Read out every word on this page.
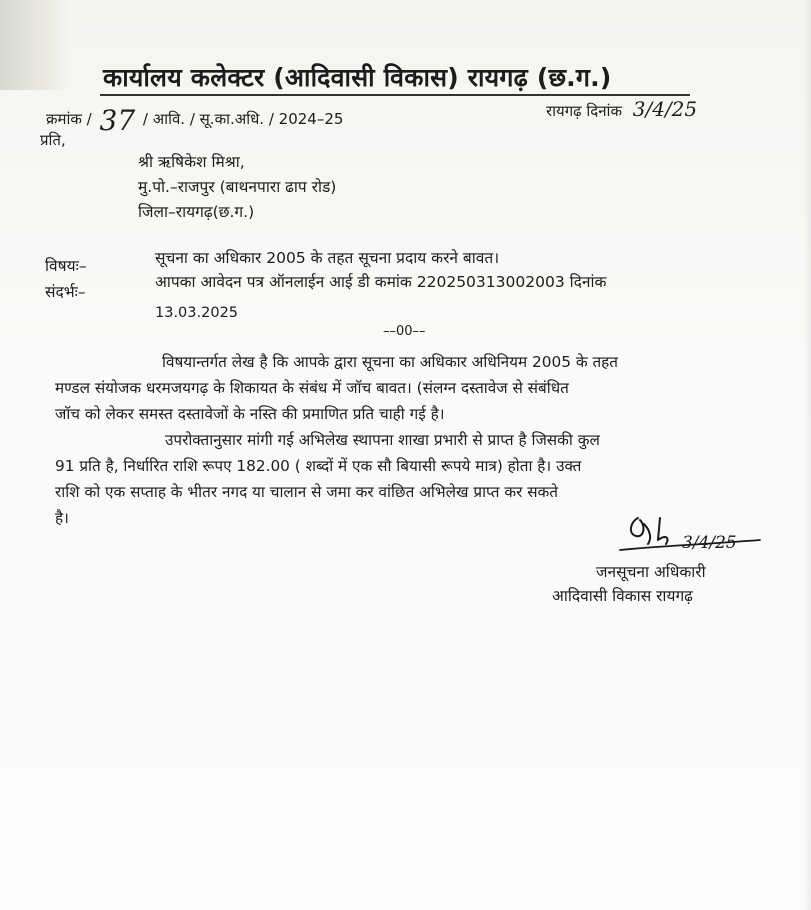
कार्यालय कलेक्टर (आदिवासी विकास) रायगढ़ (छ.ग.)
क्रमांक / 37 / आवि. / सू.का.अधि. / 2024–25	रायगढ़ दिनांक 3/4/25
प्रति,
श्री ऋषिकेश मिश्रा,
मु.पो.–राजपुर (बाथनपारा ढाप रोड)
जिला–रायगढ़(छ.ग.)
विषयः–	सूचना का अधिकार 2005 के तहत सूचना प्रदाय करने बावत।
संदर्भः–
आपका आवेदन पत्र ऑनलाईन आई डी कमांक 220250313002003 दिनांक
13.03.2025
––00––
विषयान्तर्गत लेख है कि आपके द्वारा सूचना का अधिकार अधिनियम 2005 के तहत
मण्डल संयोजक धरमजयगढ़ के शिकायत के संबंध में जॉच बावत। (संलग्न दस्तावेज से संबंधित
जॉच को लेकर समस्त दस्तावेजों के नस्ति की प्रमाणित प्रति चाही गई है।
उपरोक्तानुसार मांगी गई अभिलेख स्थापना शाखा प्रभारी से प्राप्त है जिसकी कुल
91 प्रति है, निर्धारित राशि रूपए 182.00 ( शब्दों में एक सौ बियासी रूपये मात्र) होता है। उक्त
राशि को एक सप्ताह के भीतर नगद या चालान से जमा कर वांछित अभिलेख प्राप्त कर सकते
है।
3/4/25
जनसूचना अधिकारी
आदिवासी विकास रायगढ़
